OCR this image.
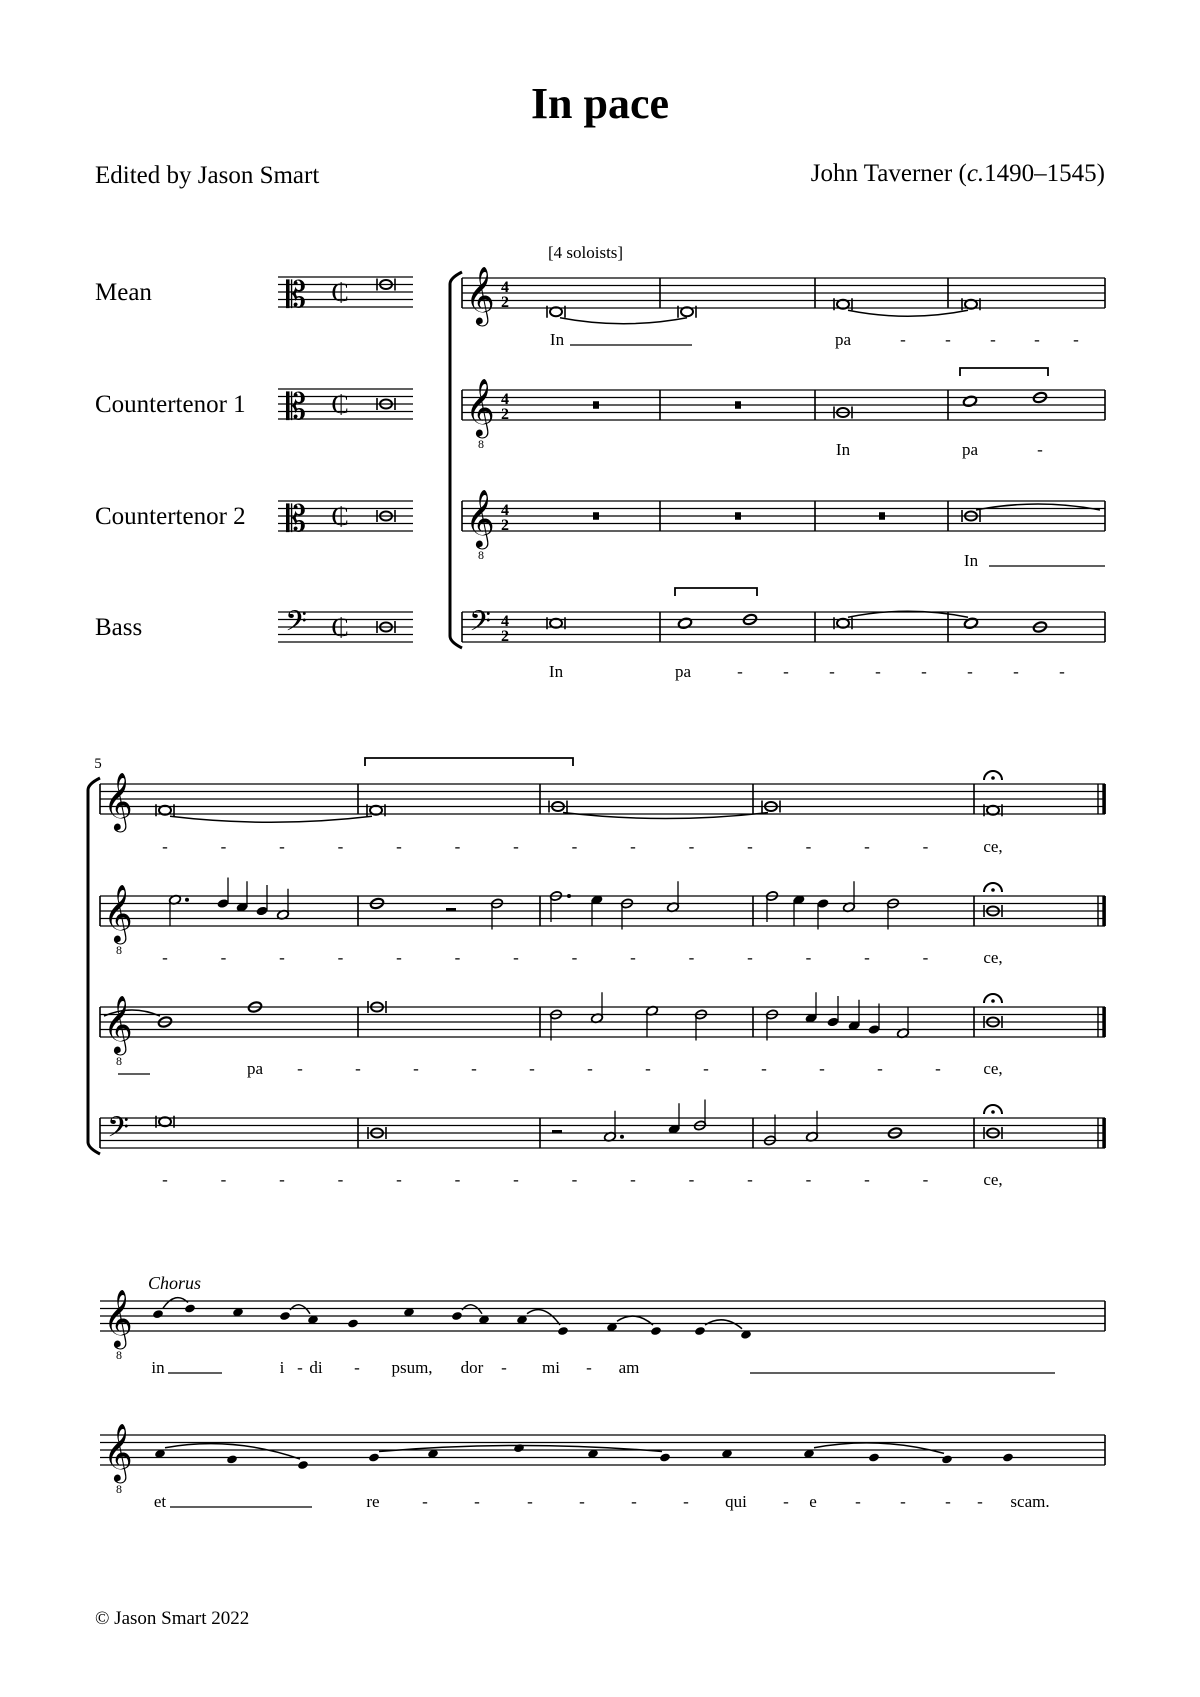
In pace
Edited by Jason Smart	John Taverner (c.1490–1545)
Mean
Countertenor 1
Countertenor 2
Bass
𝄡 ₵
𝄡 ₵
𝄡 ₵
𝄢 ₵
[4 soloists]
𝄞 4
2
𝄞
8
4
2
𝄞
8
4
2
𝄢 4
2
In	pa	- - - - -
In	pa	-
In
In	pa	- - - - - - - -
5
𝄞
𝄞
8
𝄞
8
𝄢
-	-	-	-	-	-	-	-	-	-	-	-	-	-	ce,
-	-	-	-	-	-	-	-	-	-	-	-	-	-	ce,
-	-	-	-	-	-	-	-	-	-	-	-	-	-	ce,
pa -	-	-	-	-	-	-	-	-	-	-	- ce,
Chorus
𝄞
8
𝄞
8
in	i - di - psum, dor - mi - am
et	re	-	-	-	-	-	- qui - e - - - - scam.
© Jason Smart 2022
